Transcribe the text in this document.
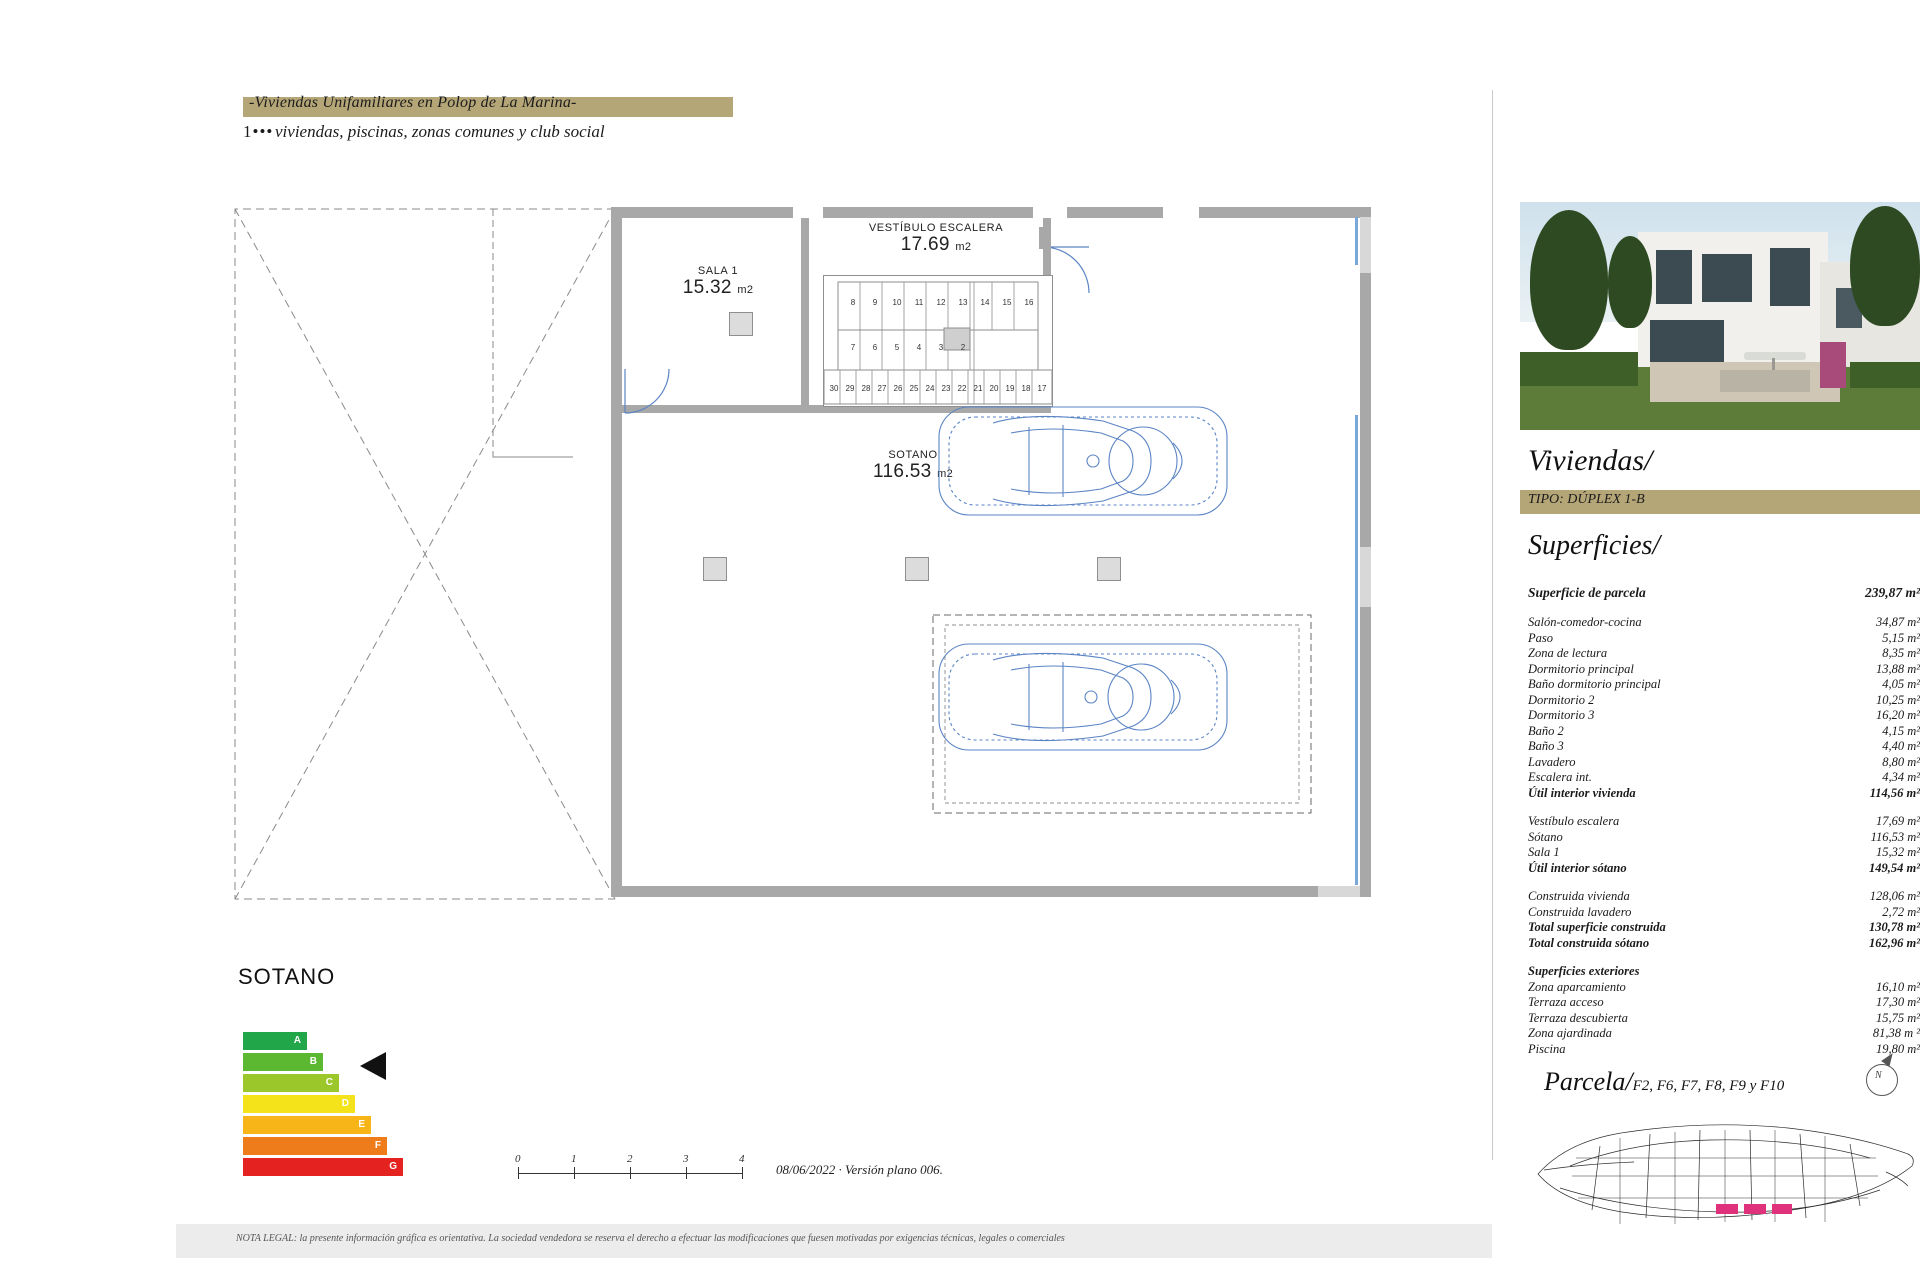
-Viviendas Unifamiliares en Polop de La Marina-
viviendas, piscinas, zonas comunes y club social
1•••
SALA 1
15.32 m2
VESTÍBULO ESCALERA
17.69 m2
SOTANO
116.53 m2
8 9 10 11 12 13 14 15 16
7 6 5 4 3 2
30 29 28 27 26 25 24 23 22 21 20 19 18 17
SOTANO
A
B
C
D
E
F
G
0	1	2	3	4
08/06/2022 · Versión plano 006.
NOTA LEGAL: la presente información gráfica es orientativa. La sociedad vendedora se reserva el derecho a efectuar las modificaciones que fuesen motivadas por exigencias técnicas, legales o comerciales
Viviendas/
TIPO: DÚPLEX 1-B
Superficies/
Superficie de parcela	239,87 m²
Salón-comedor-cocina	34,87 m²
Paso	5,15 m²
Zona de lectura	8,35 m²
Dormitorio principal	13,88 m²
Baño dormitorio principal	4,05 m²
Dormitorio 2	10,25 m²
Dormitorio 3	16,20 m²
Baño 2	4,15 m²
Baño 3	4,40 m²
Lavadero	8,80 m²
Escalera int.	4,34 m²
Útil interior vivienda	114,56 m²
Vestíbulo escalera	17,69 m²
Sótano	116,53 m²
Sala 1	15,32 m²
Útil interior sótano	149,54 m²
Construida vivienda	128,06 m²
Construida lavadero	2,72 m²
Total superficie construida	130,78 m²
Total construida sótano	162,96 m²
Superficies exteriores
Zona aparcamiento	16,10 m²
Terraza acceso	17,30 m²
Terraza descubierta	15,75 m²
Zona ajardinada	81,38 m ²
Piscina	19,80 m²
Parcela/F2, F6, F7, F8, F9 y F10
N
